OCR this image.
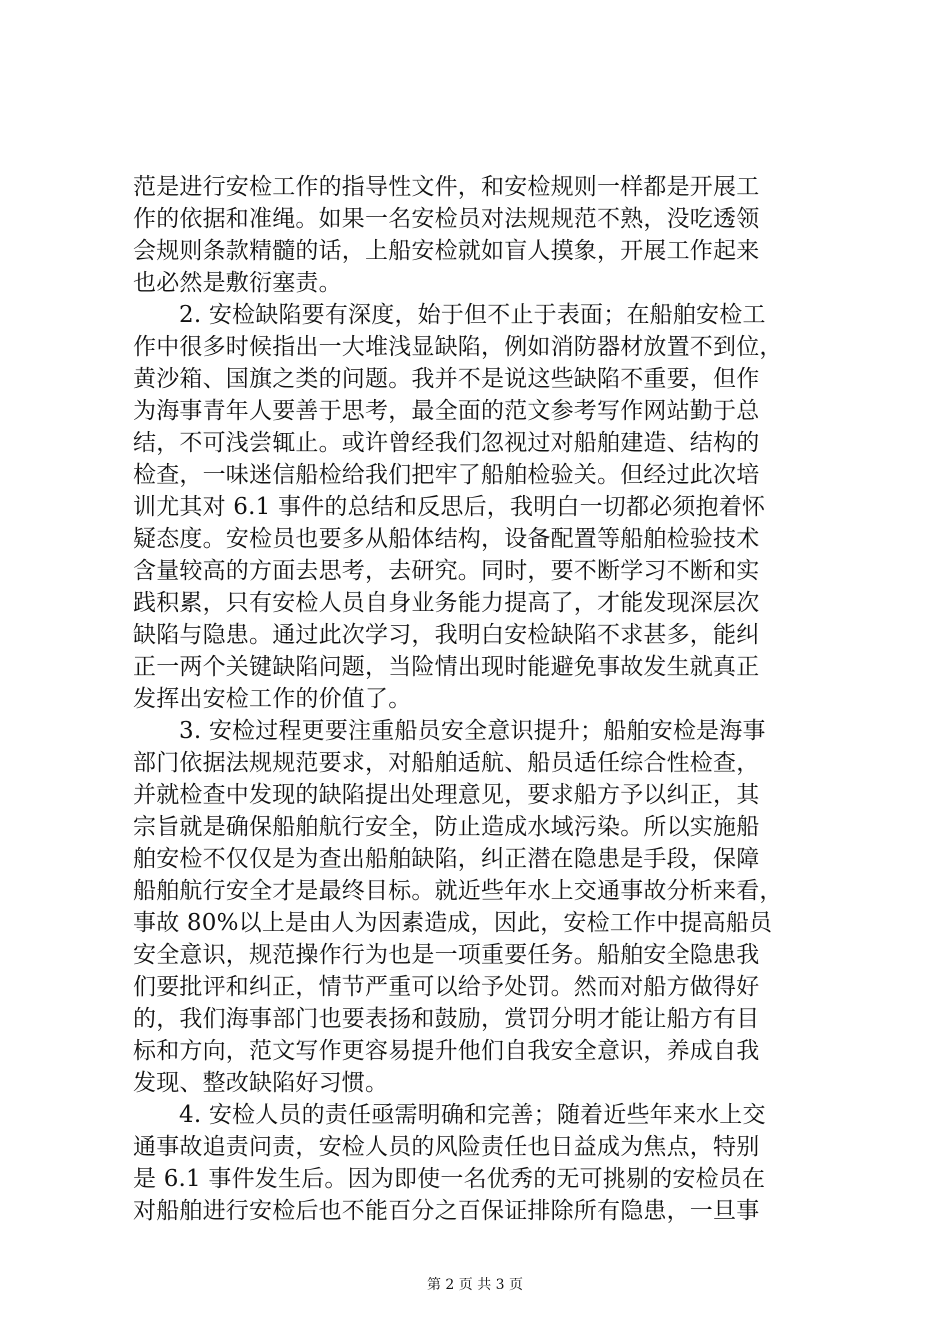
范是进行安检工作的指导性文件，和安检规则一样都是开展工
作的依据和准绳。如果一名安检员对法规规范不熟，没吃透领
会规则条款精髓的话，上船安检就如盲人摸象，开展工作起来
也必然是敷衍塞责。
2. 安检缺陷要有深度，始于但不止于表面；在船舶安检工
作中很多时候指出一大堆浅显缺陷，例如消防器材放置不到位，
黄沙箱、国旗之类的问题。我并不是说这些缺陷不重要，但作
为海事青年人要善于思考，最全面的范文参考写作网站勤于总
结，不可浅尝辄止。或许曾经我们忽视过对船舶建造、结构的
检查，一味迷信船检给我们把牢了船舶检验关。但经过此次培
训尤其对 6.1 事件的总结和反思后，我明白一切都必须抱着怀
疑态度。安检员也要多从船体结构，设备配置等船舶检验技术
含量较高的方面去思考，去研究。同时，要不断学习不断和实
践积累，只有安检人员自身业务能力提高了，才能发现深层次
缺陷与隐患。通过此次学习，我明白安检缺陷不求甚多，能纠
正一两个关键缺陷问题，当险情出现时能避免事故发生就真正
发挥出安检工作的价值了。
3. 安检过程更要注重船员安全意识提升；船舶安检是海事
部门依据法规规范要求，对船舶适航、船员适任综合性检查，
并就检查中发现的缺陷提出处理意见，要求船方予以纠正，其
宗旨就是确保船舶航行安全，防止造成水域污染。所以实施船
舶安检不仅仅是为查出船舶缺陷，纠正潜在隐患是手段，保障
船舶航行安全才是最终目标。就近些年水上交通事故分析来看，
事故 80%以上是由人为因素造成，因此，安检工作中提高船员
安全意识，规范操作行为也是一项重要任务。船舶安全隐患我
们要批评和纠正，情节严重可以给予处罚。然而对船方做得好
的，我们海事部门也要表扬和鼓励，赏罚分明才能让船方有目
标和方向，范文写作更容易提升他们自我安全意识，养成自我
发现、整改缺陷好习惯。
4. 安检人员的责任亟需明确和完善；随着近些年来水上交
通事故追责问责，安检人员的风险责任也日益成为焦点，特别
是 6.1 事件发生后。因为即使一名优秀的无可挑剔的安检员在
对船舶进行安检后也不能百分之百保证排除所有隐患，一旦事
第 2 页 共 3 页
